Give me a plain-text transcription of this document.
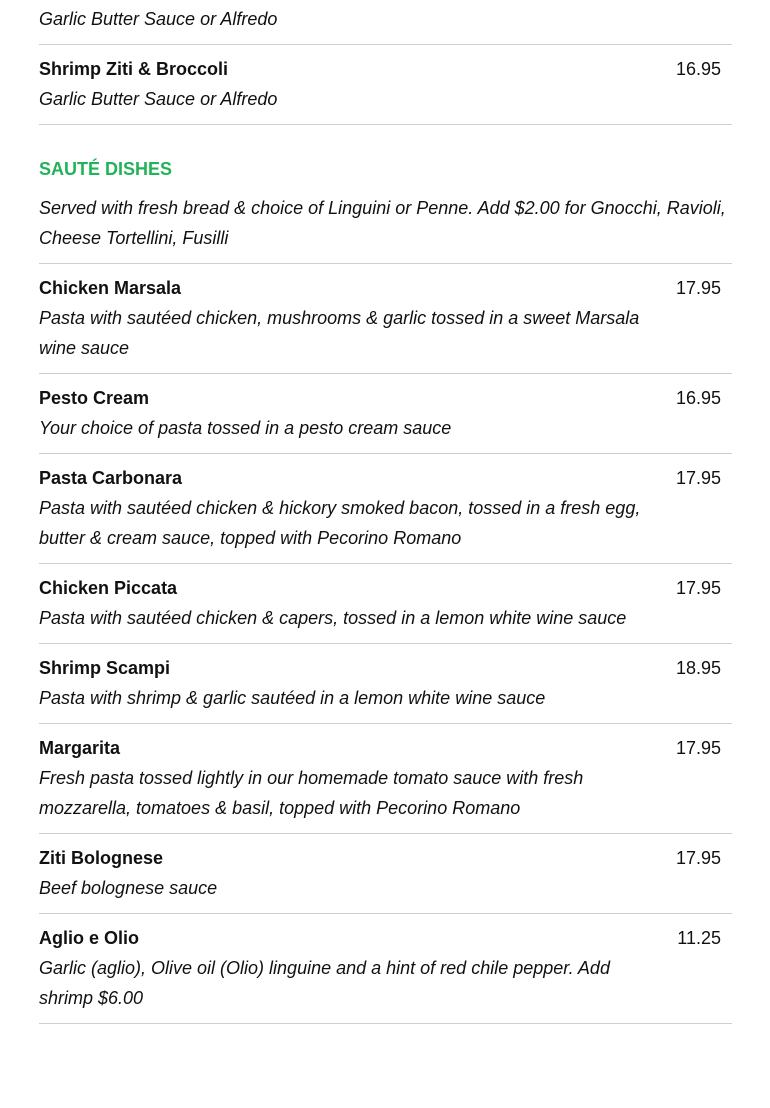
Garlic Butter Sauce or Alfredo
Shrimp Ziti & Broccoli	16.95
Garlic Butter Sauce or Alfredo
SAUTÉ DISHES
Served with fresh bread & choice of Linguini or Penne. Add $2.00 for Gnocchi, Ravioli, Cheese Tortellini, Fusilli
Chicken Marsala	17.95
Pasta with sautéed chicken, mushrooms & garlic tossed in a sweet Marsala wine sauce
Pesto Cream	16.95
Your choice of pasta tossed in a pesto cream sauce
Pasta Carbonara	17.95
Pasta with sautéed chicken & hickory smoked bacon, tossed in a fresh egg, butter & cream sauce, topped with Pecorino Romano
Chicken Piccata	17.95
Pasta with sautéed chicken & capers, tossed in a lemon white wine sauce
Shrimp Scampi	18.95
Pasta with shrimp & garlic sautéed in a lemon white wine sauce
Margarita	17.95
Fresh pasta tossed lightly in our homemade tomato sauce with fresh mozzarella, tomatoes & basil, topped with Pecorino Romano
Ziti Bolognese	17.95
Beef bolognese sauce
Aglio e Olio	11.25
Garlic (aglio), Olive oil (Olio) linguine and a hint of red chile pepper. Add shrimp $6.00
